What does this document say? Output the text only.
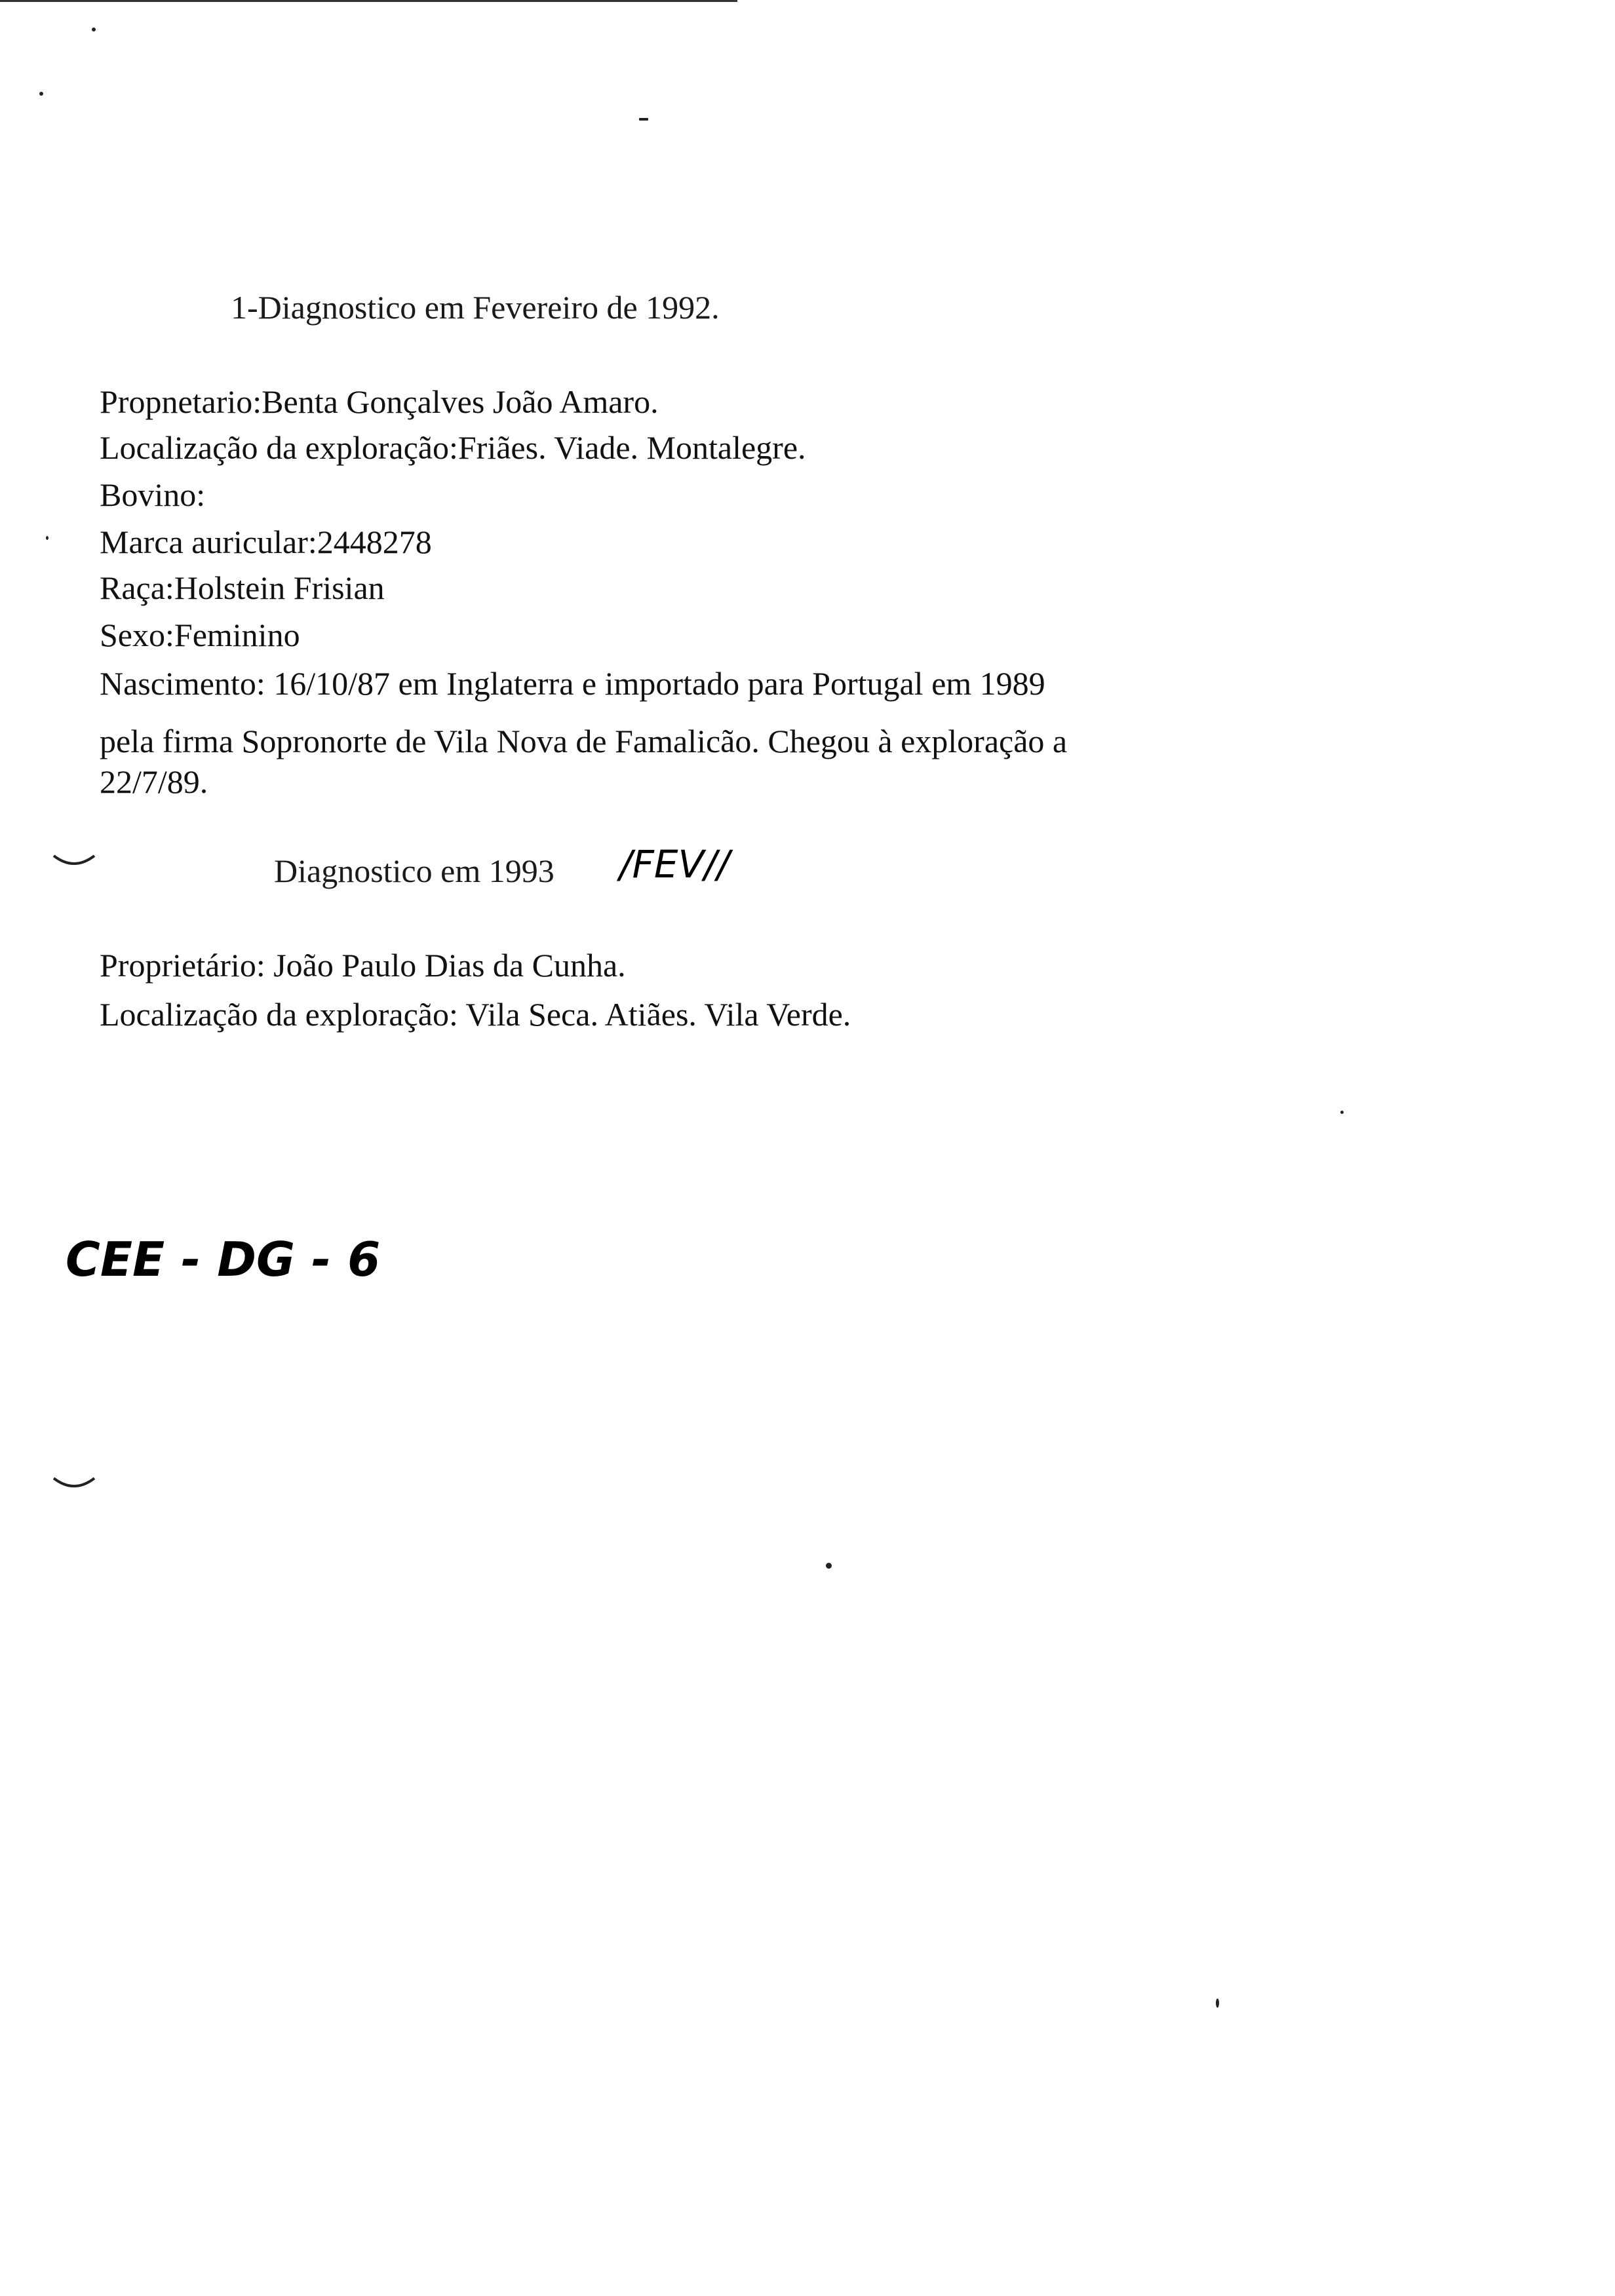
1-Diagnostico em Fevereiro de 1992.
Propnetario:Benta Gonçalves João Amaro.
Localização da exploração:Friães. Viade. Montalegre.
Bovino:
Marca auricular:2448278
Raça:Holstein Frisian
Sexo:Feminino
Nascimento: 16/10/87 em Inglaterra e importado para Portugal em 1989
pela firma Sopronorte de Vila Nova de Famalicão. Chegou à exploração a
22/7/89.
Diagnostico em 1993 /FEV//
Proprietário: João Paulo Dias da Cunha.
Localização da exploração: Vila Seca. Atiães. Vila Verde.
CEE - DG - 6
